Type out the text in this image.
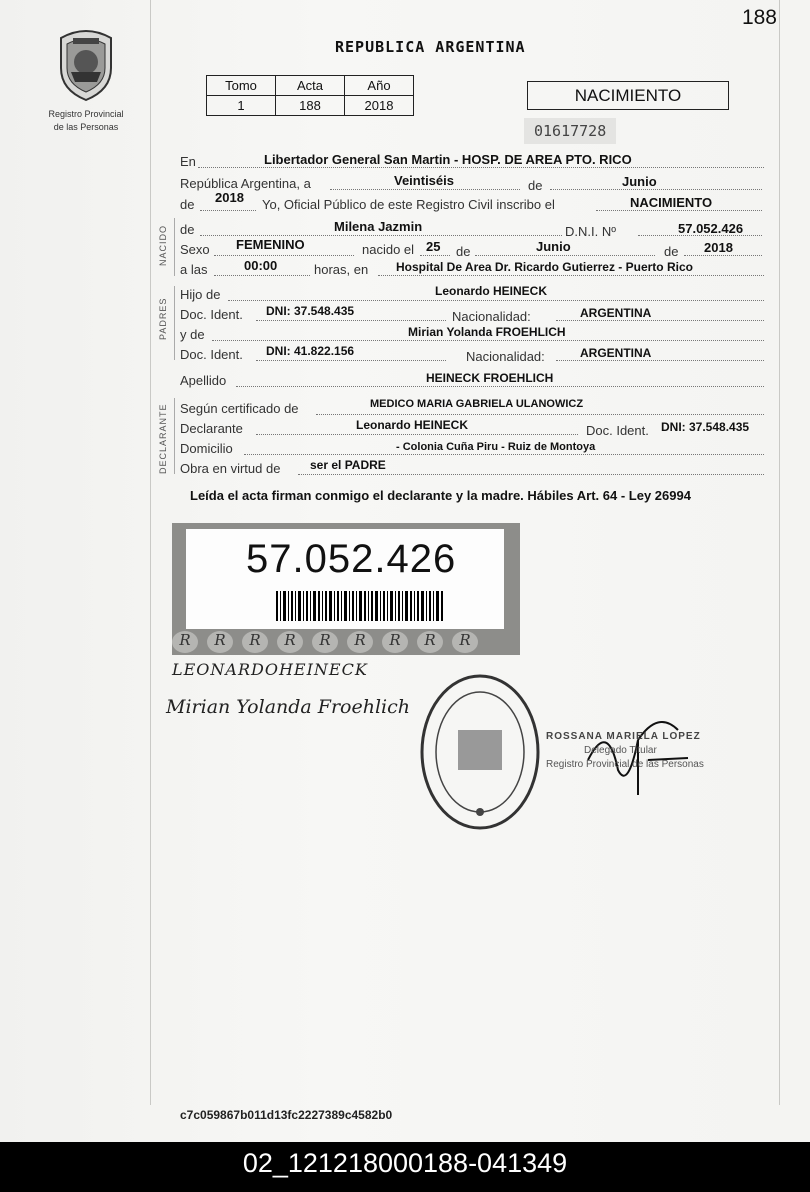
188
Registro Provincial
de las Personas
REPUBLICA ARGENTINA
Tomo	Acta	Año
1	188	2018
NACIMIENTO
01617728
En	Libertador General San Martin - HOSP. DE AREA PTO. RICO
República Argentina, a	Veintiséis	de	Junio
de 2018 Yo, Oficial Público de este Registro Civil inscribo el	NACIMIENTO
NACIDO de	Milena Jazmin	D.N.I. Nº	57.052.426
Sexo FEMENINO	nacido el 25 de	Junio	de 2018
a las	00:00	horas, en Hospital De Area Dr. Ricardo Gutierrez - Puerto Rico
PADRES
Hijo de	Leonardo HEINECK
Doc. Ident. DNI: 37.548.435	Nacionalidad:	ARGENTINA
y de	Mirian Yolanda FROEHLICH
Doc. Ident. DNI: 41.822.156	Nacionalidad:	ARGENTINA
Apellido	HEINECK FROEHLICH
DECLARANTE Según certificado de	MEDICO MARIA GABRIELA ULANOWICZ
Declarante	Leonardo HEINECK	Doc. Ident. DNI: 37.548.435
Domicilio	- Colonia Cuña Piru - Ruiz de Montoya
Obra en virtud de ser el PADRE
Leída el acta firman conmigo el declarante y la madre. Hábiles Art. 64 - Ley 26994
57.052.426
R R R R R R R R R
LEONARDOHEINECK
Mirian Yolanda Froehlich
ROSSANA MARIELA LOPEZ
Delegado Titular
Registro Provincial de las Personas
c7c059867b011d13fc2227389c4582b0
02_121218000188-041349
